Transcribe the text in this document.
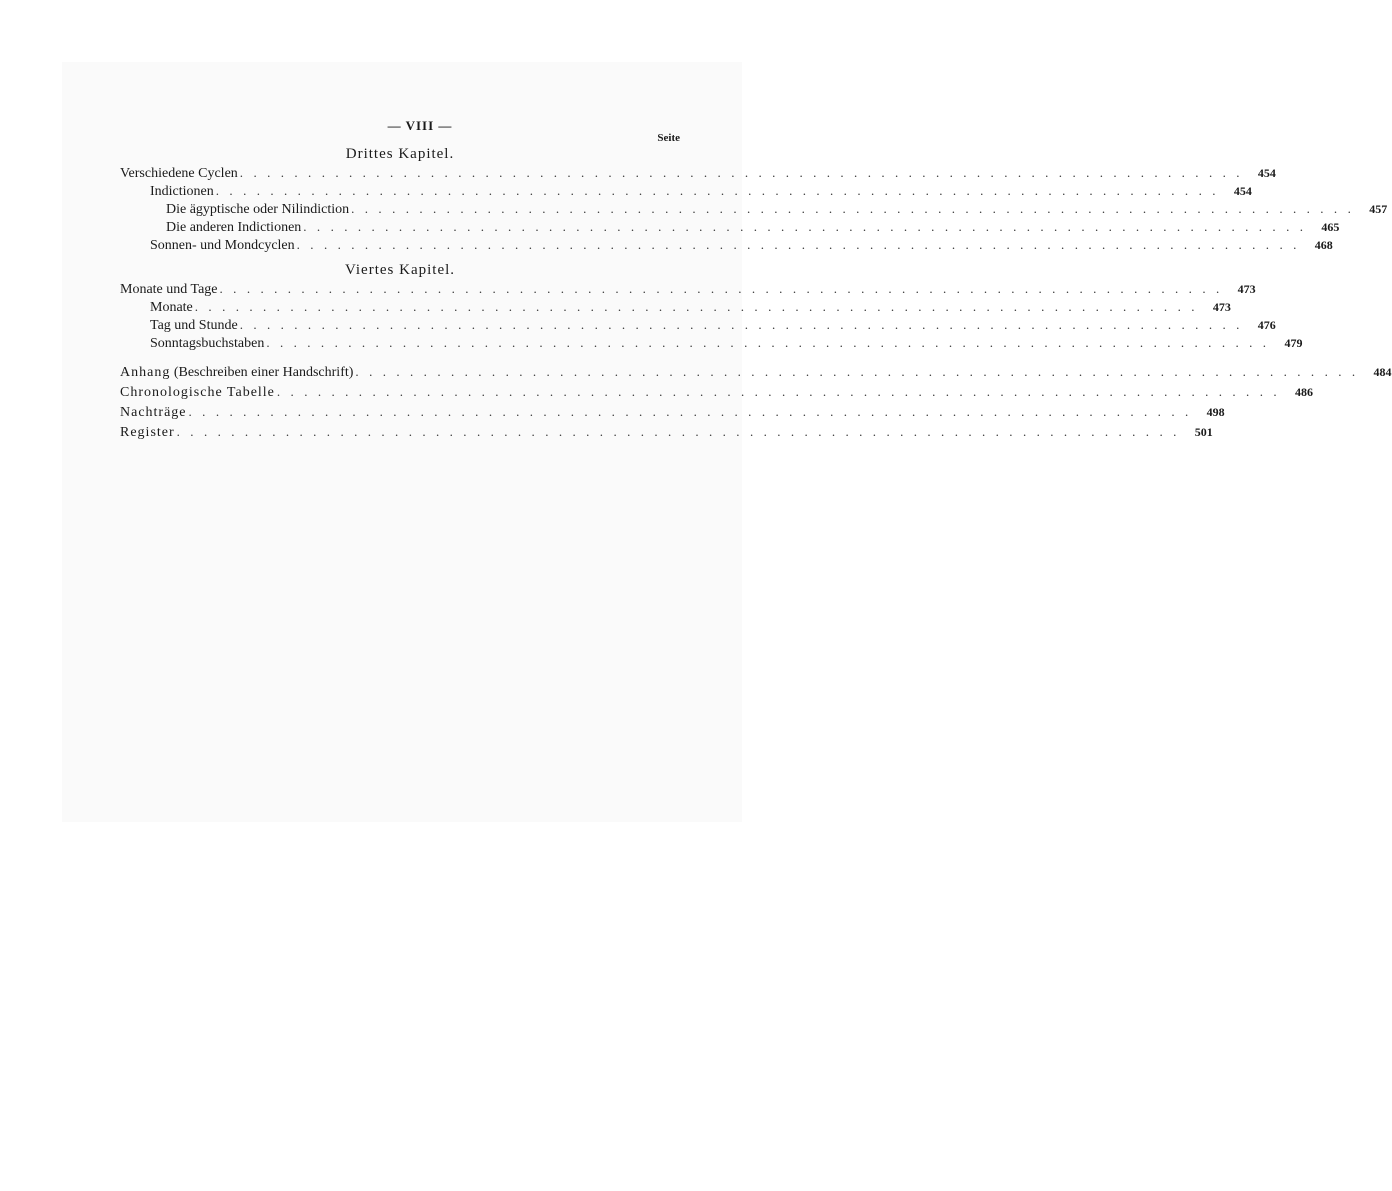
— VIII —
Seite
Drittes Kapitel.
Verschiedene Cyclen .......................................................................... 454
Indictionen .......................................................................... 454
Die ägyptische oder Nilindiction .......................................................................... 457
Die anderen Indictionen .......................................................................... 465
Sonnen- und Mondcyclen .......................................................................... 468
Viertes Kapitel.
Monate und Tage .......................................................................... 473
Monate .......................................................................... 473
Tag und Stunde .......................................................................... 476
Sonntagsbuchstaben .......................................................................... 479
Anhang (Beschreiben einer Handschrift) .......................................................................... 484
Chronologische Tabelle .......................................................................... 486
Nachträge .......................................................................... 498
Register .......................................................................... 501
